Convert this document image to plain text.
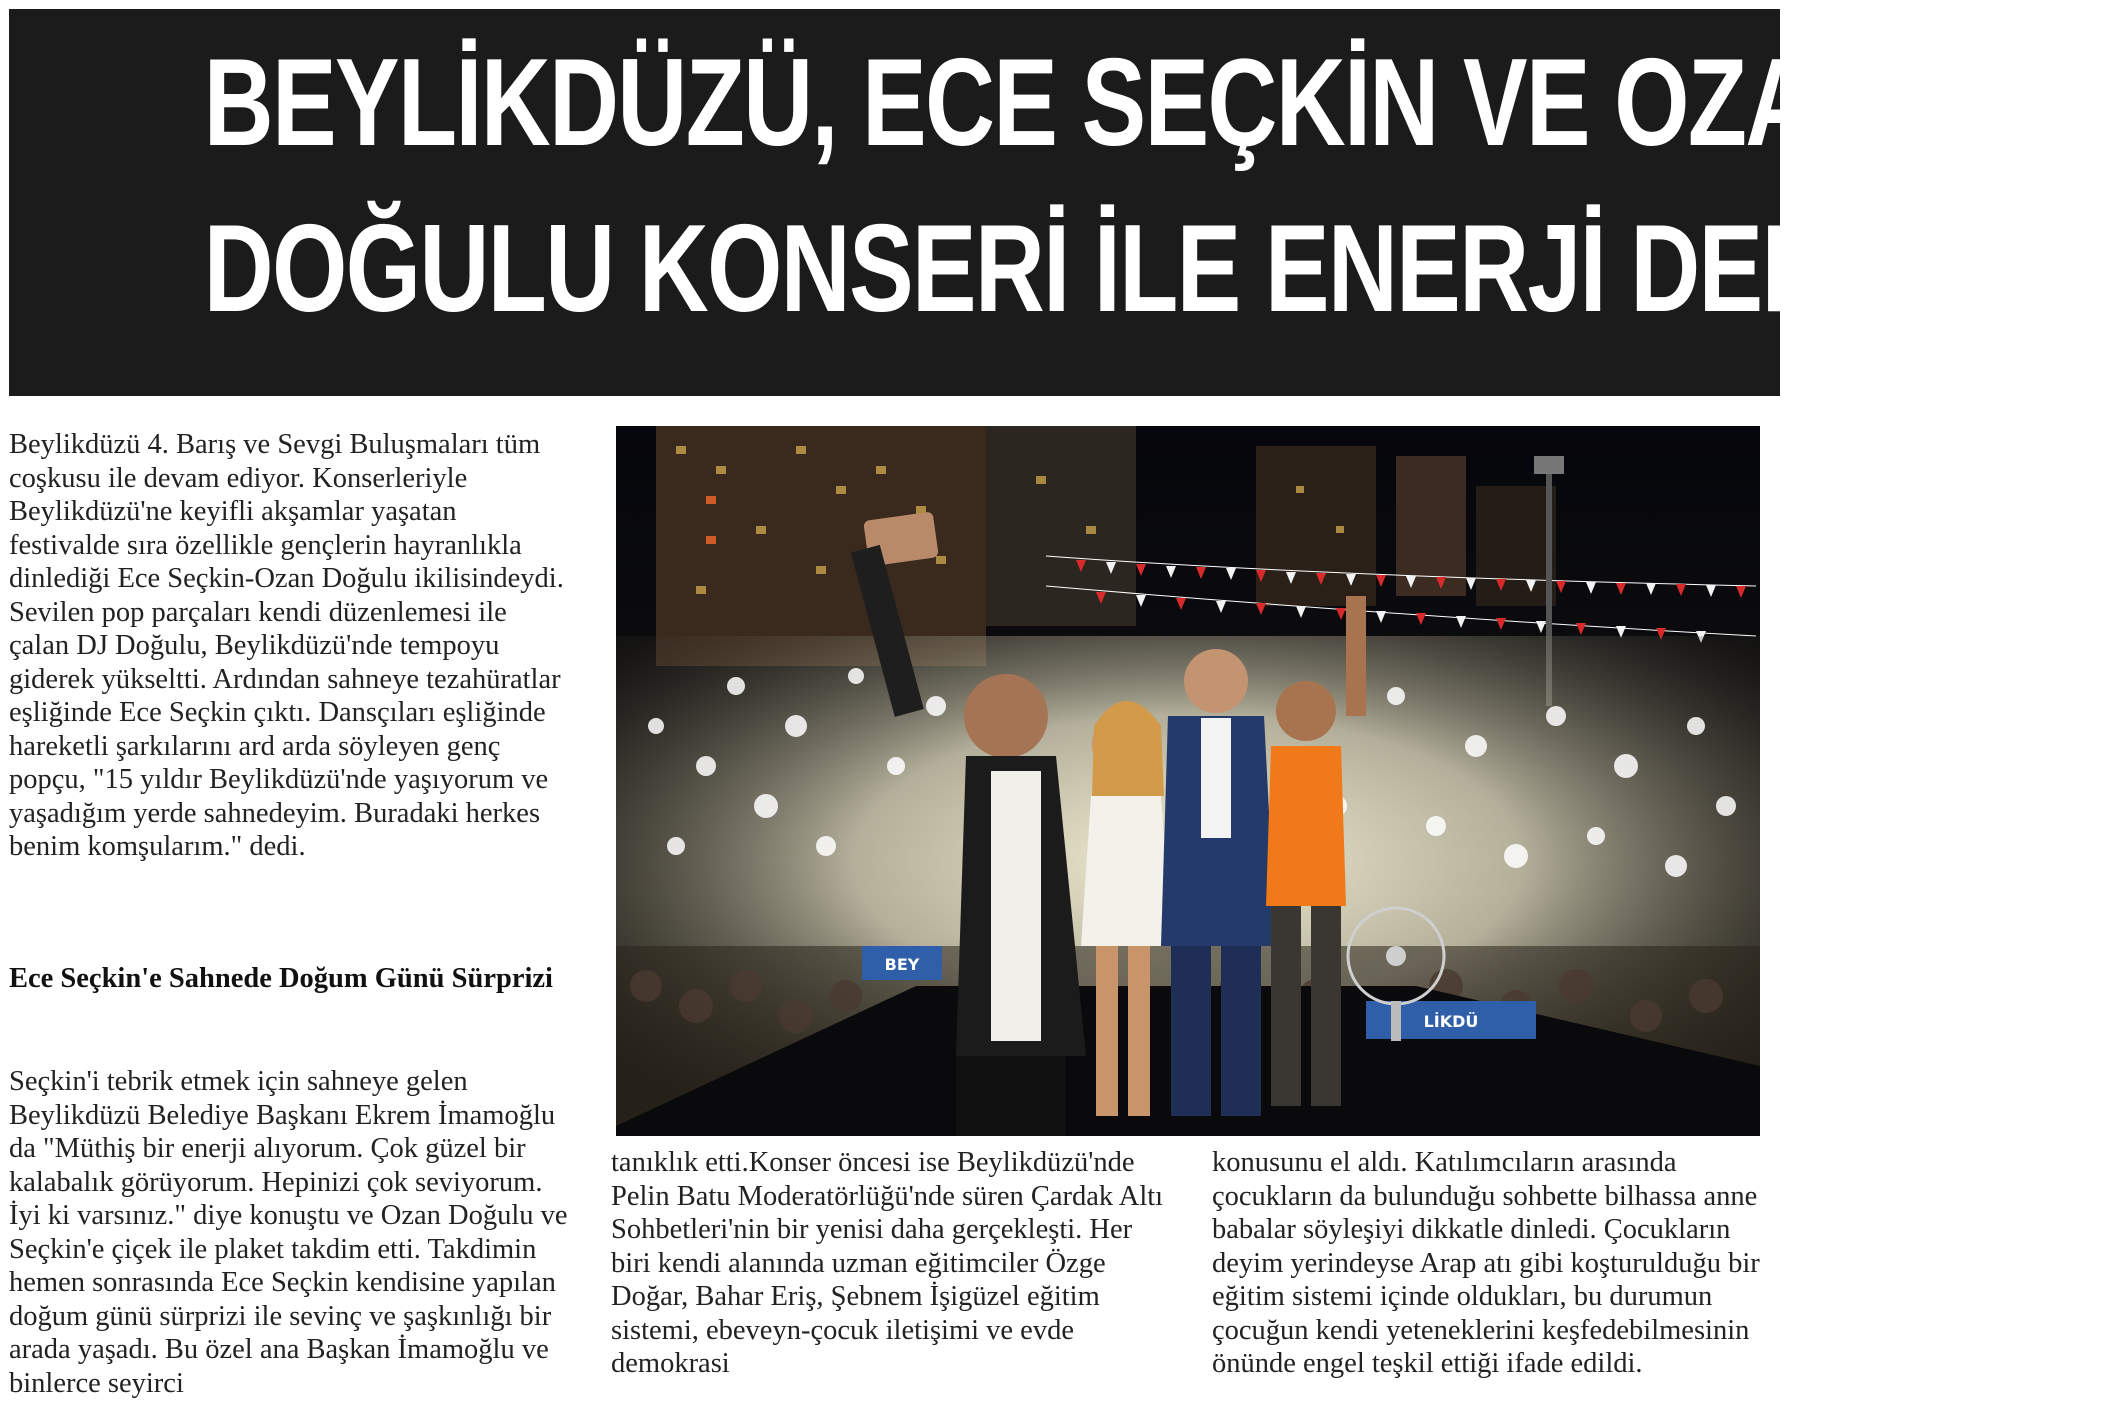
BEYLİKDÜZÜ, ECE SEÇKİN VE OZAN
DOĞULU KONSERİ İLE ENERJİ DEPOLADI

Beylikdüzü 4. Barış ve Sevgi Buluşmaları tüm coşkusu ile devam ediyor. Konserleriyle Beylikdüzü'ne keyifli akşamlar yaşatan festivalde sıra özellikle gençlerin hayranlıkla dinlediği Ece Seçkin-Ozan Doğulu ikilisindeydi. Sevilen pop parçaları kendi düzenlemesi ile çalan DJ Doğulu, Beylikdüzü'nde tempoyu giderek yükseltti. Ardından sahneye tezahüratlar eşliğinde Ece Seçkin çıktı. Dansçıları eşliğinde hareketli şarkılarını ard arda söyleyen genç popçu, "15 yıldır Beylikdüzü'nde yaşıyorum ve yaşadığım yerde sahnedeyim. Buradaki herkes benim komşularım." dedi.

Ece Seçkin'e Sahnede Doğum Günü Sürprizi

Seçkin'i tebrik etmek için sahneye gelen Beylikdüzü Belediye Başkanı Ekrem İmamoğlu da "Müthiş bir enerji alıyorum. Çok güzel bir kalabalık görüyorum. Hepinizi çok seviyorum. İyi ki varsınız." diye konuştu ve Ozan Doğulu ve Seçkin'e çiçek ile plaket takdim etti. Takdimin hemen sonrasında Ece Seçkin kendisine yapılan doğum günü sürprizi ile sevinç ve şaşkınlığı bir arada yaşadı. Bu özel ana Başkan İmamoğlu ve binlerce seyirci

BEY
LİKDÜ

tanıklık etti.Konser öncesi ise Beylikdüzü'nde Pelin Batu Moderatörlüğü'nde süren Çardak Altı Sohbetleri'nin bir yenisi daha gerçekleşti. Her biri kendi alanında uzman eğitimciler Özge Doğar, Bahar Eriş, Şebnem İşigüzel eğitim sistemi, ebeveyn-çocuk iletişimi ve evde demokrasi

konusunu el aldı. Katılımcıların arasında çocukların da bulunduğu sohbette bilhassa anne babalar söyleşiyi dikkatle dinledi. Çocukların deyim yerindeyse Arap atı gibi koşturulduğu bir eğitim sistemi içinde oldukları, bu durumun çocuğun kendi yeteneklerini keşfedebilmesinin önünde engel teşkil ettiği ifade edildi.
